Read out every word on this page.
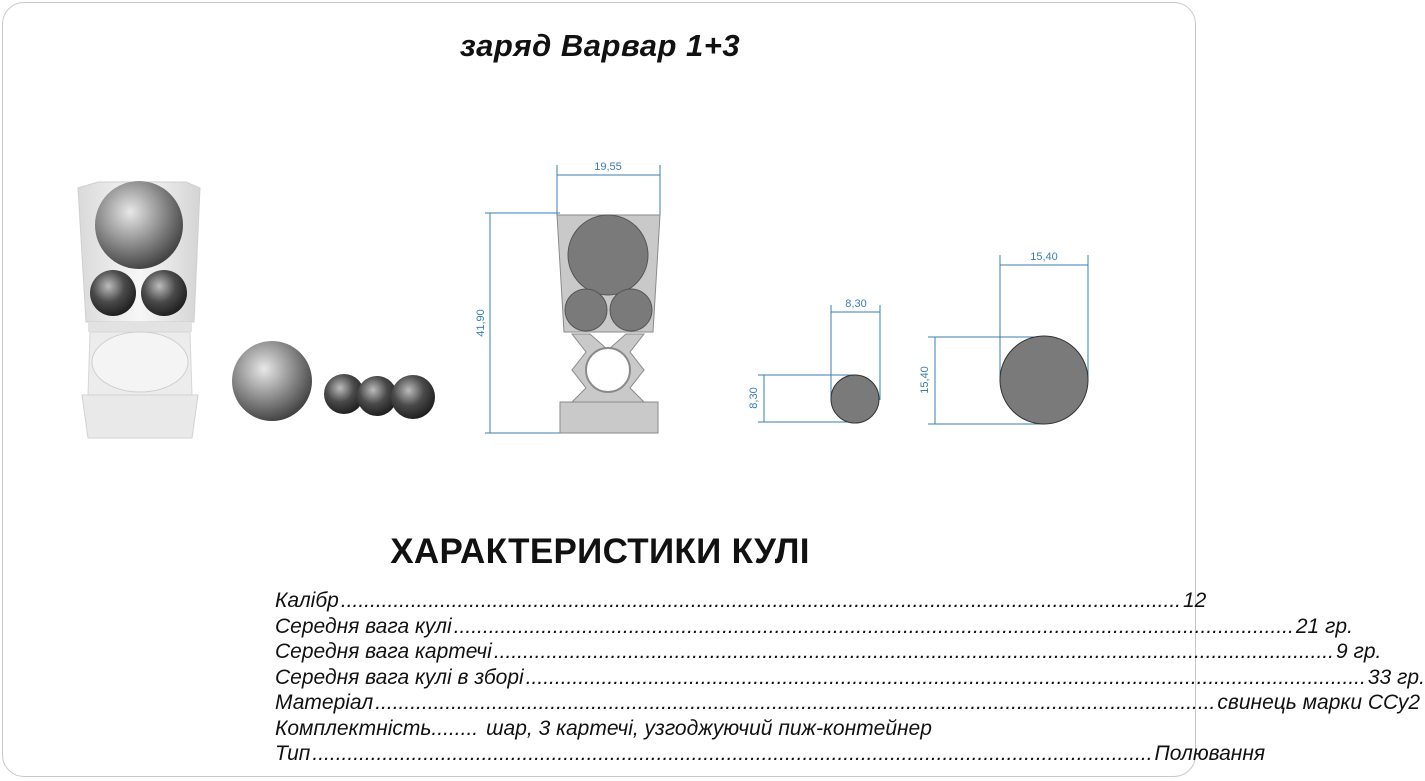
заряд Варвар 1+3
19,55
41,90
8,30
8,30
15,40
15,40
ХАРАКТЕРИСТИКИ КУЛІ
Калібр ................................................................................................................................................ 12
Середня вага кулі ................................................................................................................................................ 21 гр.
Середня вага картечі ................................................................................................................................................ 9 гр.
Середня вага кулі в зборі ................................................................................................................................................ 33 гр.
Матеріал ................................................................................................................................................ свинець марки ССу2
Комплектність........ шар, 3 картечі, узгоджуючий пиж-контейнер
Тип ................................................................................................................................................ Полювання
